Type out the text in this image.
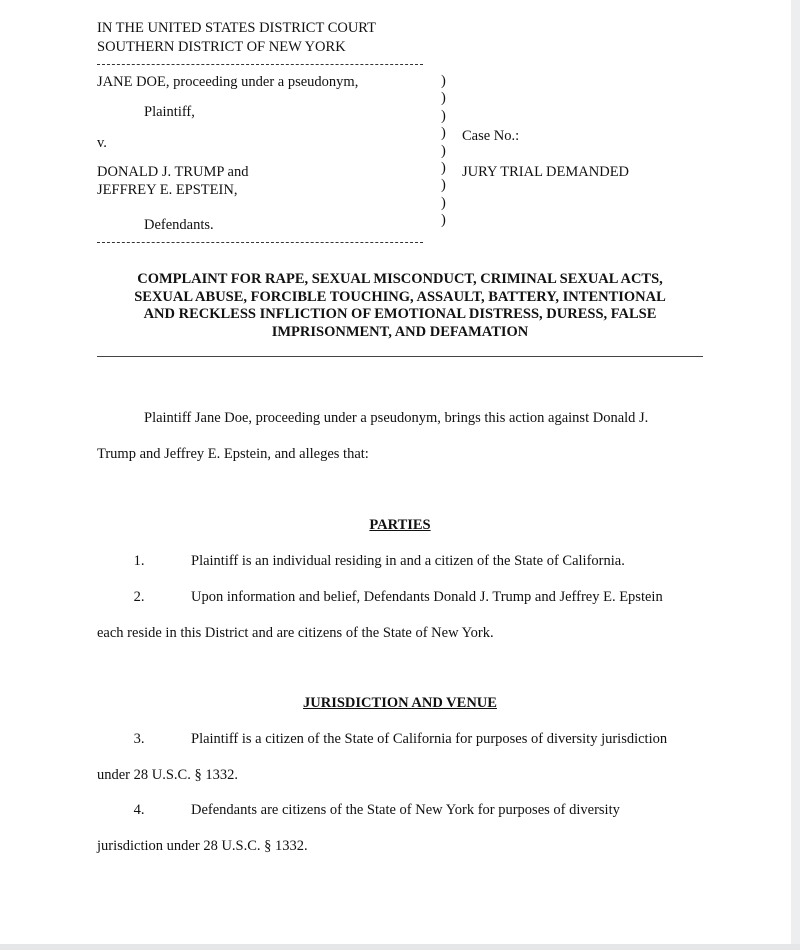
IN THE UNITED STATES DISTRICT COURT
SOUTHERN DISTRICT OF NEW YORK
JANE DOE, proceeding under a pseudonym,
Plaintiff,
v.
DONALD J. TRUMP and
JEFFREY E. EPSTEIN,
Defendants.
)
)
)
)
)
)
)
)
)
Case No.:
JURY TRIAL DEMANDED
COMPLAINT FOR RAPE, SEXUAL MISCONDUCT, CRIMINAL SEXUAL ACTS,
SEXUAL ABUSE, FORCIBLE TOUCHING, ASSAULT, BATTERY, INTENTIONAL
AND RECKLESS INFLICTION OF EMOTIONAL DISTRESS, DURESS, FALSE
IMPRISONMENT, AND DEFAMATION
Plaintiff Jane Doe, proceeding under a pseudonym, brings this action against Donald J.
Trump and Jeffrey E. Epstein, and alleges that:
PARTIES
1.	Plaintiff is an individual residing in and a citizen of the State of California.
2.	Upon information and belief, Defendants Donald J. Trump and Jeffrey E. Epstein
each reside in this District and are citizens of the State of New York.
JURISDICTION AND VENUE
3.	Plaintiff is a citizen of the State of California for purposes of diversity jurisdiction
under 28 U.S.C. § 1332.
4.	Defendants are citizens of the State of New York for purposes of diversity
jurisdiction under 28 U.S.C. § 1332.
